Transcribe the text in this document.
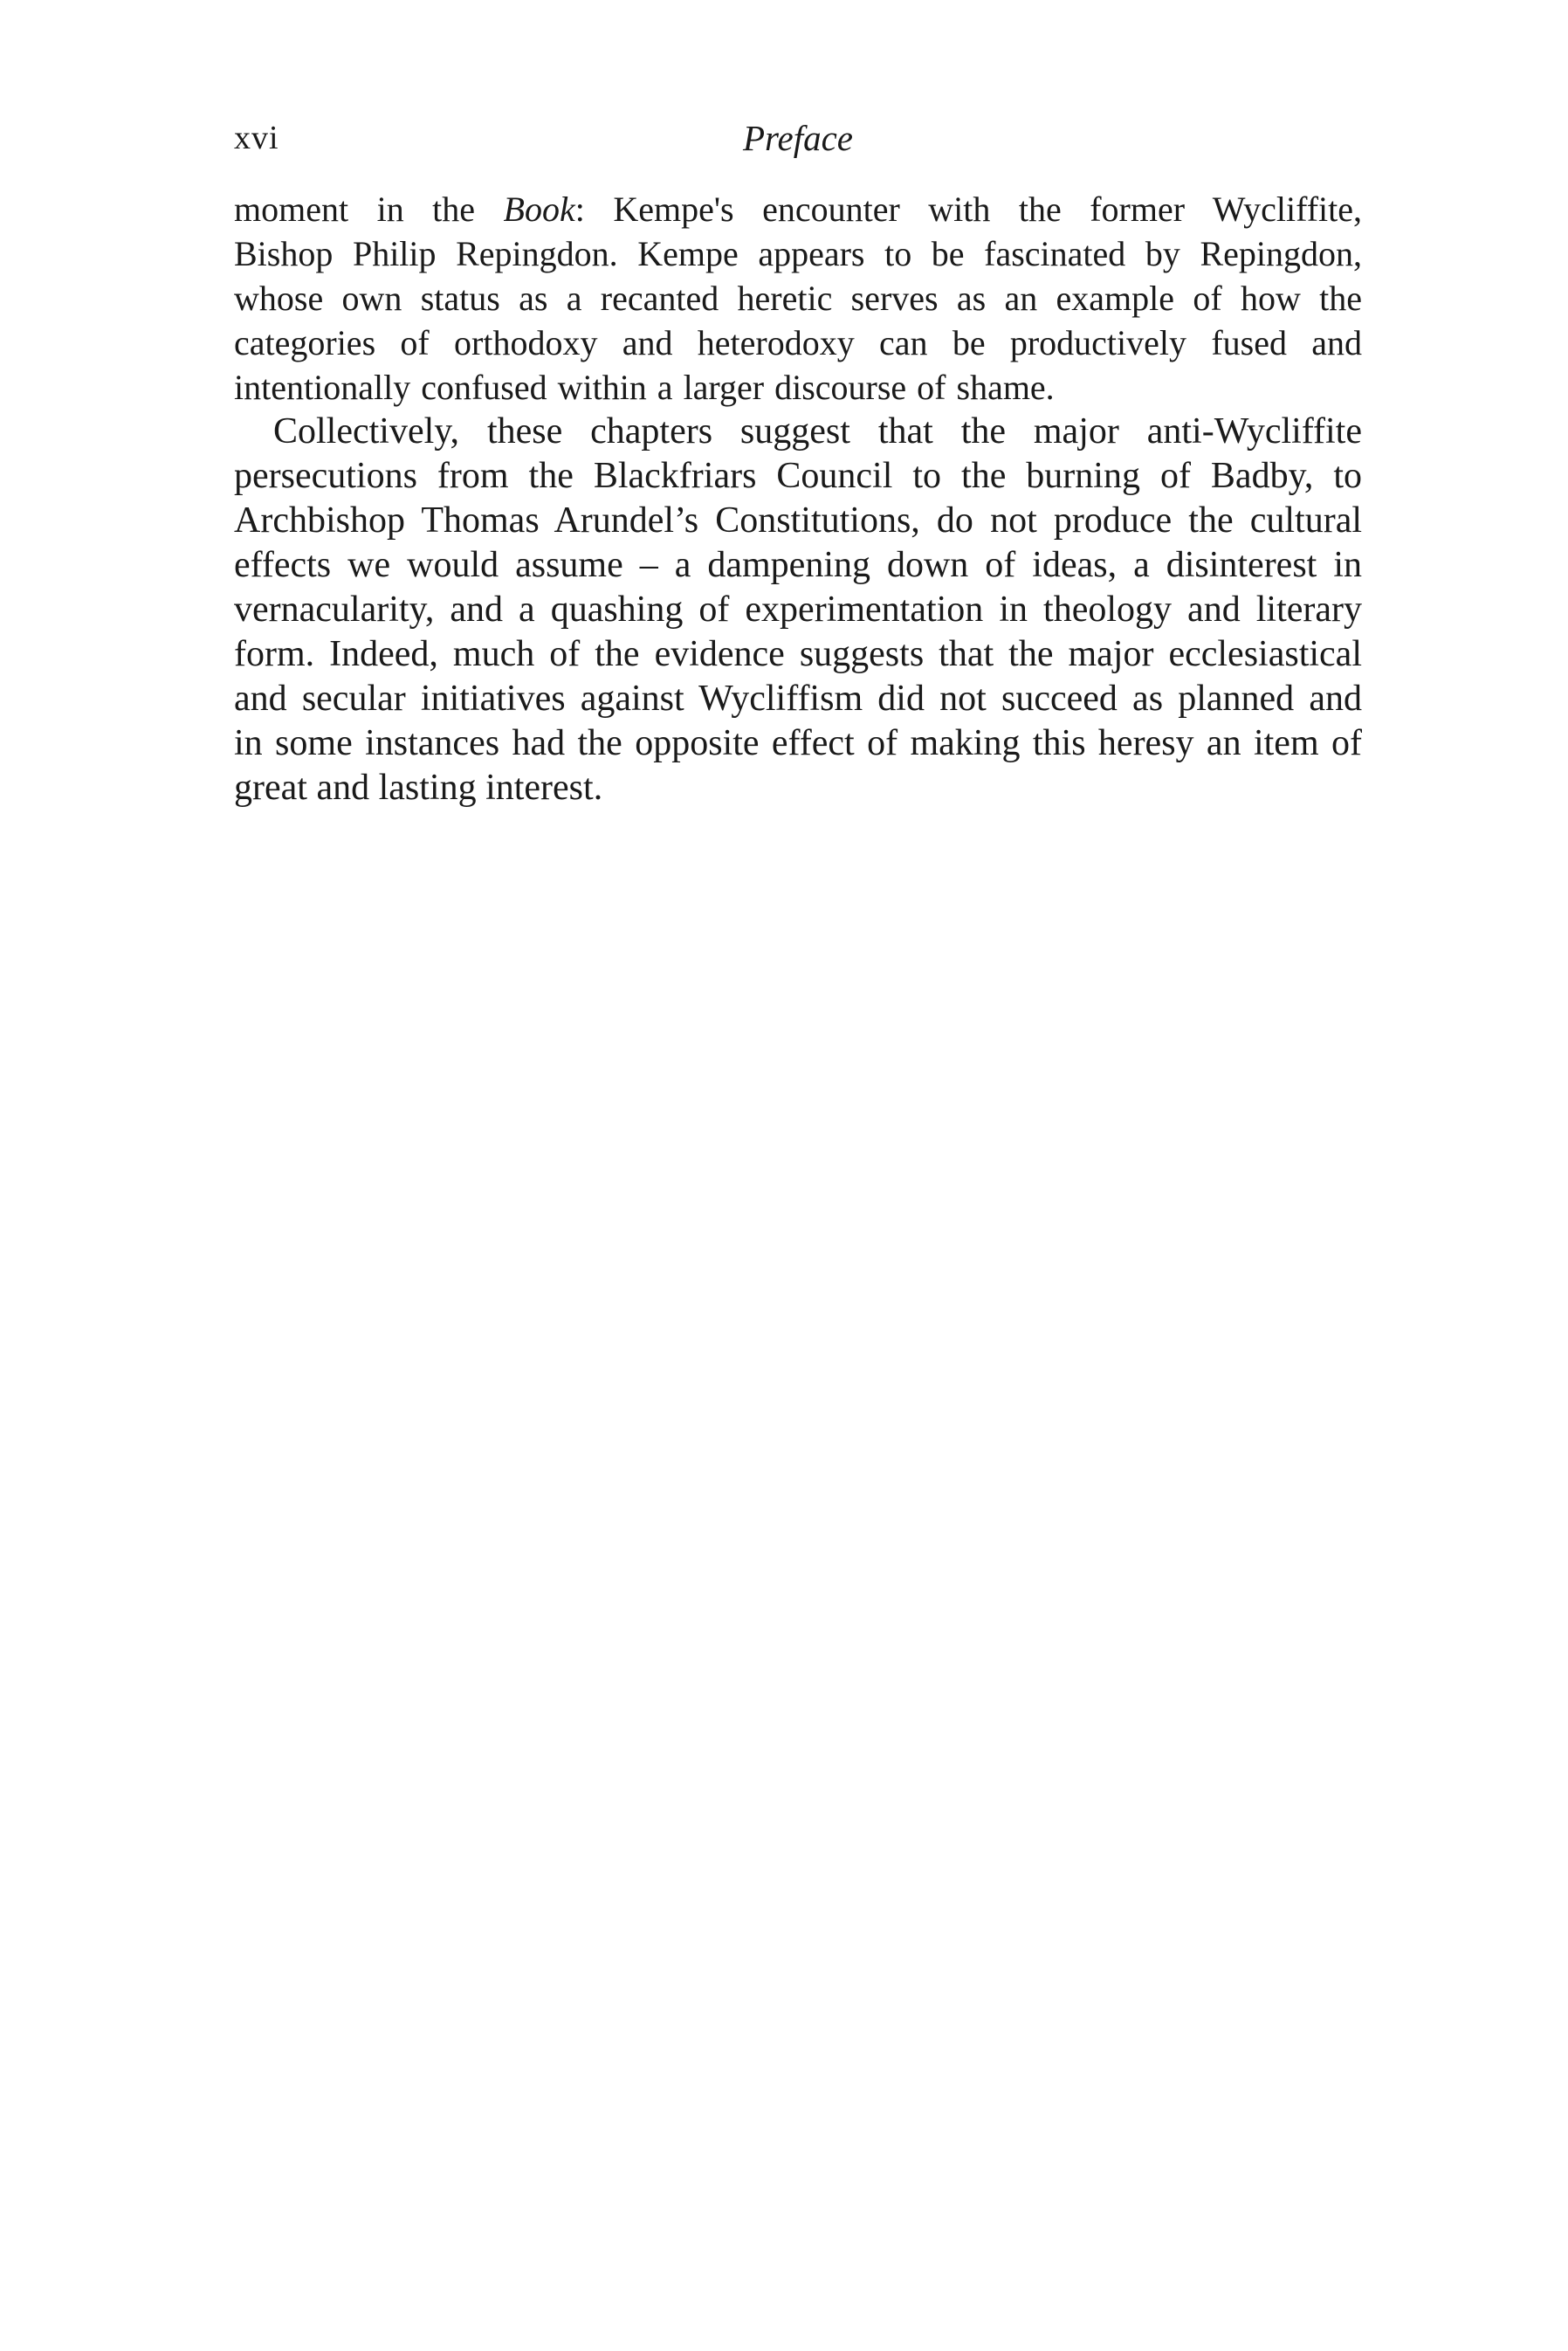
xvi	Preface

moment in the Book: Kempe's encounter with the former Wycliffite,
Bishop Philip Repingdon. Kempe appears to be fascinated by Repingdon,
whose own status as a recanted heretic serves as an example of how the
categories of orthodoxy and heterodoxy can be productively fused and
intentionally confused within a larger discourse of shame.

Collectively, these chapters suggest that the major anti-Wycliffite
persecutions from the Blackfriars Council to the burning of Badby, to
Archbishop Thomas Arundel’s Constitutions, do not produce the cultural
effects we would assume – a dampening down of ideas, a disinterest in
vernacularity, and a quashing of experimentation in theology and literary
form. Indeed, much of the evidence suggests that the major ecclesiastical
and secular initiatives against Wycliffism did not succeed as planned and
in some instances had the opposite effect of making this heresy an item of
great and lasting interest.
